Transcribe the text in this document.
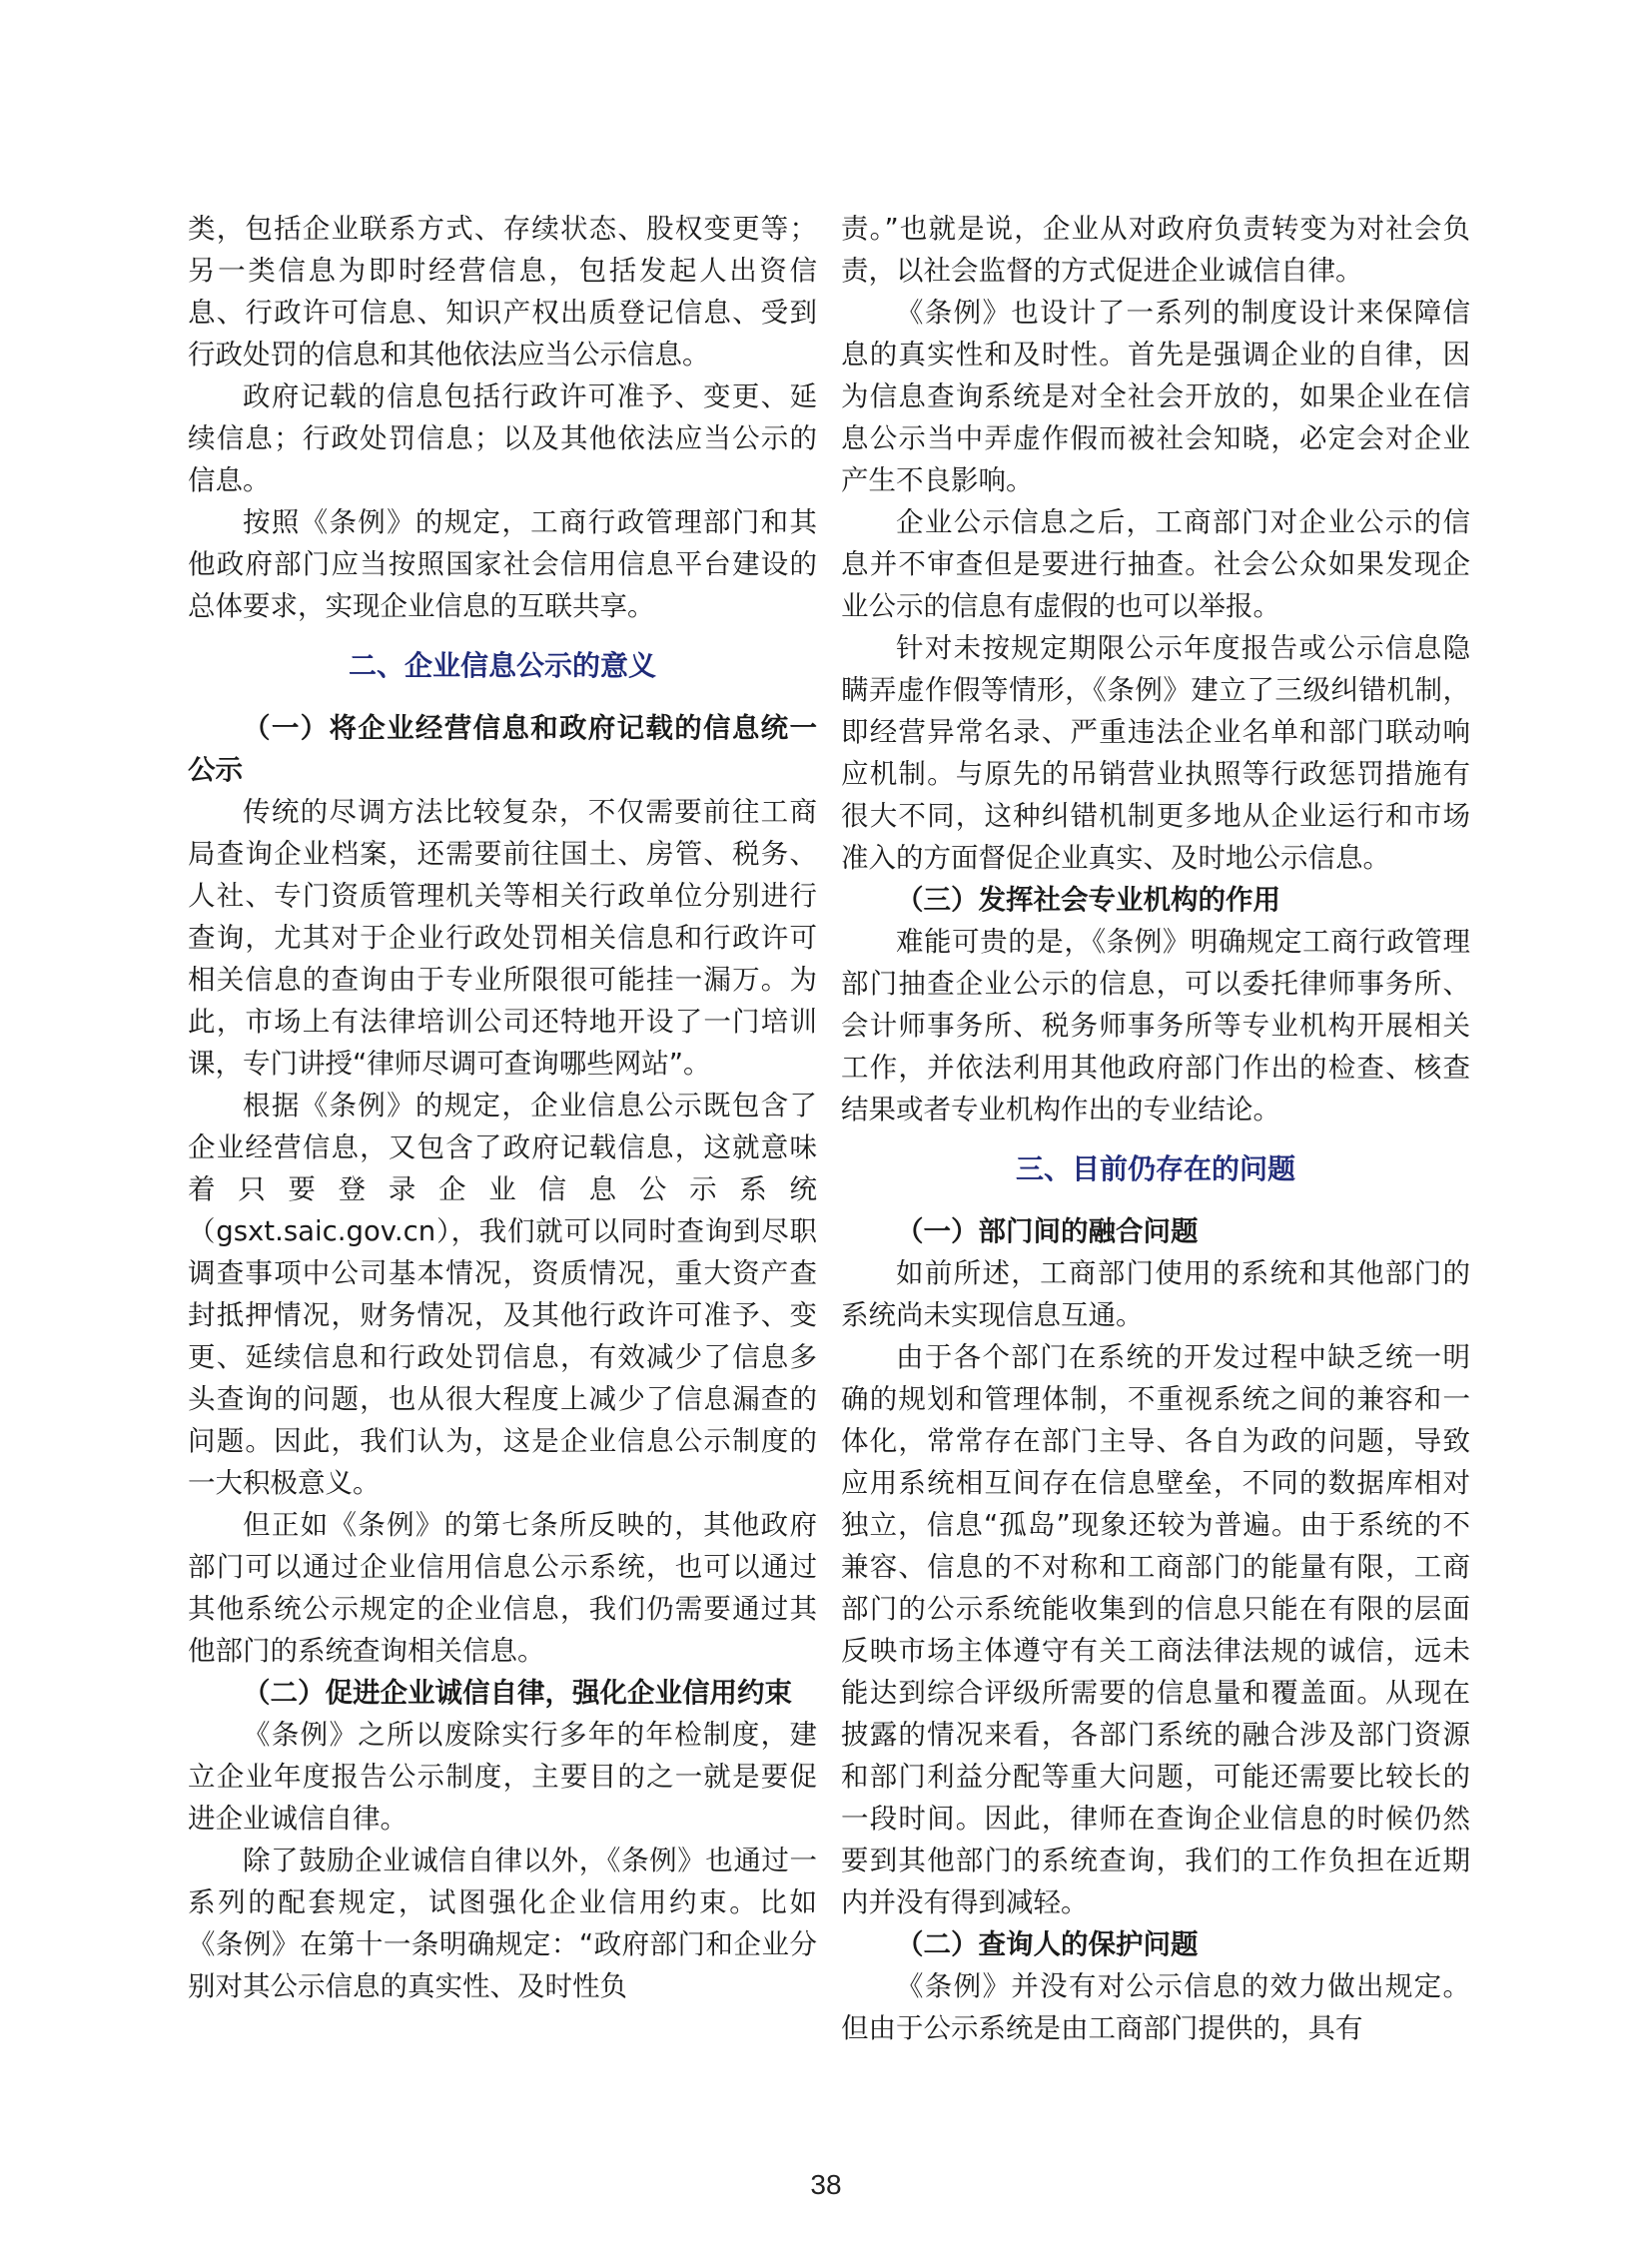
类，包括企业联系方式、存续状态、股权变更等；另一类信息为即时经营信息，包括发起人出资信息、行政许可信息、知识产权出质登记信息、受到行政处罚的信息和其他依法应当公示信息。

政府记载的信息包括行政许可准予、变更、延续信息；行政处罚信息；以及其他依法应当公示的信息。

按照《条例》的规定，工商行政管理部门和其他政府部门应当按照国家社会信用信息平台建设的总体要求，实现企业信息的互联共享。

二、企业信息公示的意义

（一）将企业经营信息和政府记载的信息统一公示

传统的尽调方法比较复杂，不仅需要前往工商局查询企业档案，还需要前往国土、房管、税务、人社、专门资质管理机关等相关行政单位分别进行查询，尤其对于企业行政处罚相关信息和行政许可相关信息的查询由于专业所限很可能挂一漏万。为此，市场上有法律培训公司还特地开设了一门培训课，专门讲授“律师尽调可查询哪些网站”。

根据《条例》的规定，企业信息公示既包含了企业经营信息，又包含了政府记载信息，这就意味着只要登录企业信息公示系统（gsxt.saic.gov.cn），我们就可以同时查询到尽职调查事项中公司基本情况，资质情况，重大资产查封抵押情况，财务情况，及其他行政许可准予、变更、延续信息和行政处罚信息，有效减少了信息多头查询的问题，也从很大程度上减少了信息漏查的问题。因此，我们认为，这是企业信息公示制度的一大积极意义。

但正如《条例》的第七条所反映的，其他政府部门可以通过企业信用信息公示系统，也可以通过其他系统公示规定的企业信息，我们仍需要通过其他部门的系统查询相关信息。

（二）促进企业诚信自律，强化企业信用约束

《条例》之所以废除实行多年的年检制度，建立企业年度报告公示制度，主要目的之一就是要促进企业诚信自律。

除了鼓励企业诚信自律以外，《条例》也通过一系列的配套规定，试图强化企业信用约束。比如《条例》在第十一条明确规定：“政府部门和企业分别对其公示信息的真实性、及时性负

责。”也就是说，企业从对政府负责转变为对社会负责，以社会监督的方式促进企业诚信自律。

《条例》也设计了一系列的制度设计来保障信息的真实性和及时性。首先是强调企业的自律，因为信息查询系统是对全社会开放的，如果企业在信息公示当中弄虚作假而被社会知晓，必定会对企业产生不良影响。

企业公示信息之后，工商部门对企业公示的信息并不审查但是要进行抽查。社会公众如果发现企业公示的信息有虚假的也可以举报。

针对未按规定期限公示年度报告或公示信息隐瞒弄虚作假等情形，《条例》建立了三级纠错机制，即经营异常名录、严重违法企业名单和部门联动响应机制。与原先的吊销营业执照等行政惩罚措施有很大不同，这种纠错机制更多地从企业运行和市场准入的方面督促企业真实、及时地公示信息。

（三）发挥社会专业机构的作用

难能可贵的是，《条例》明确规定工商行政管理部门抽查企业公示的信息，可以委托律师事务所、会计师事务所、税务师事务所等专业机构开展相关工作，并依法利用其他政府部门作出的检查、核查结果或者专业机构作出的专业结论。

三、目前仍存在的问题

（一）部门间的融合问题

如前所述，工商部门使用的系统和其他部门的系统尚未实现信息互通。

由于各个部门在系统的开发过程中缺乏统一明确的规划和管理体制，不重视系统之间的兼容和一体化，常常存在部门主导、各自为政的问题，导致应用系统相互间存在信息壁垒，不同的数据库相对独立，信息“孤岛”现象还较为普遍。由于系统的不兼容、信息的不对称和工商部门的能量有限，工商部门的公示系统能收集到的信息只能在有限的层面反映市场主体遵守有关工商法律法规的诚信，远未能达到综合评级所需要的信息量和覆盖面。从现在披露的情况来看，各部门系统的融合涉及部门资源和部门利益分配等重大问题，可能还需要比较长的一段时间。因此，律师在查询企业信息的时候仍然要到其他部门的系统查询，我们的工作负担在近期内并没有得到减轻。

（二）查询人的保护问题

《条例》并没有对公示信息的效力做出规定。但由于公示系统是由工商部门提供的，具有

38
